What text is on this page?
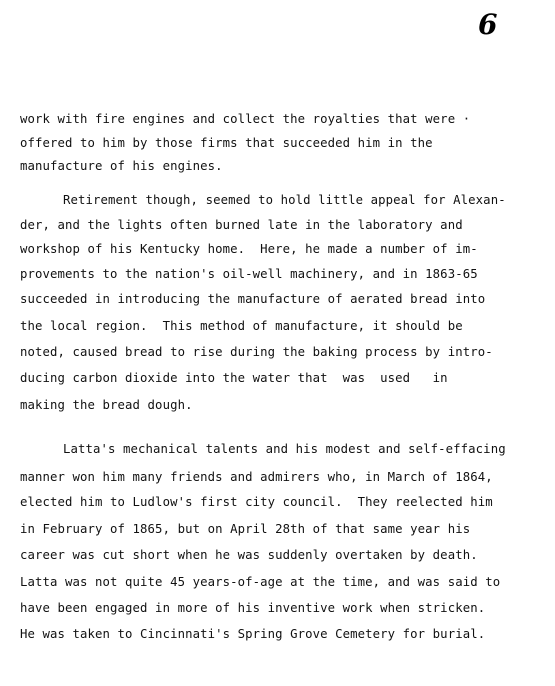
6
work with fire engines and collect the royalties that were ·
offered to him by those firms that succeeded him in the
manufacture of his engines.
Retirement though, seemed to hold little appeal for Alexan-
der, and the lights often burned late in the laboratory and
workshop of his Kentucky home.  Here, he made a number of im-
provements to the nation's oil-well machinery, and in 1863-65
succeeded in introducing the manufacture of aerated bread into
the local region.  This method of manufacture, it should be
noted, caused bread to rise during the baking process by intro-
ducing carbon dioxide into the water that  was  used   in
making the bread dough.
Latta's mechanical talents and his modest and self-effacing
manner won him many friends and admirers who, in March of 1864,
elected him to Ludlow's first city council.  They reelected him
in February of 1865, but on April 28th of that same year his
career was cut short when he was suddenly overtaken by death.
Latta was not quite 45 years-of-age at the time, and was said to
have been engaged in more of his inventive work when stricken.
He was taken to Cincinnati's Spring Grove Cemetery for burial.
